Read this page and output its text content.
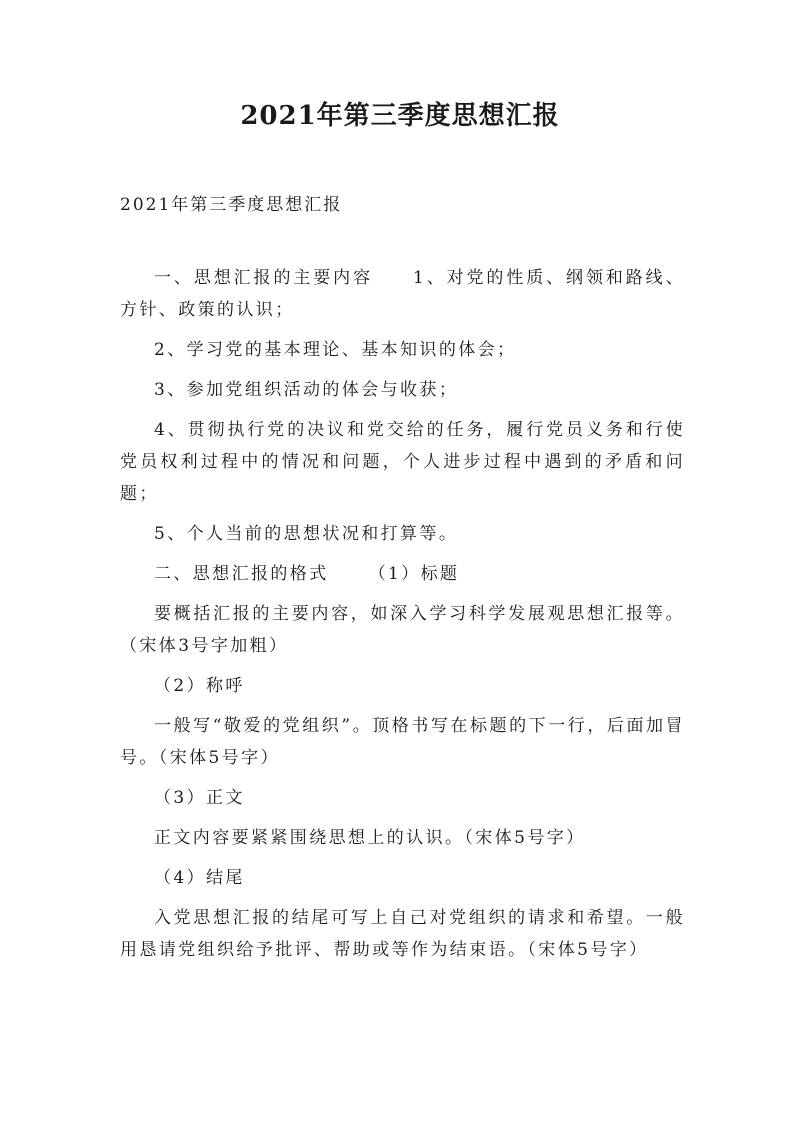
2021年第三季度思想汇报

2021年第三季度思想汇报

一、思想汇报的主要内容 1、对党的性质、纲领和路线、方针、政策的认识；

2、学习党的基本理论、基本知识的体会；

3、参加党组织活动的体会与收获；

4、贯彻执行党的决议和党交给的任务，履行党员义务和行使党员权利过程中的情况和问题，个人进步过程中遇到的矛盾和问题；

5、个人当前的思想状况和打算等。

二、思想汇报的格式 （1）标题

要概括汇报的主要内容，如深入学习科学发展观思想汇报等。（宋体3号字加粗）

（2）称呼

一般写“敬爱的党组织”。顶格书写在标题的下一行，后面加冒号。（宋体5号字）

（3）正文

正文内容要紧紧围绕思想上的认识。（宋体5号字）

（4）结尾

入党思想汇报的结尾可写上自己对党组织的请求和希望。一般用恳请党组织给予批评、帮助或等作为结束语。（宋体5号字）
